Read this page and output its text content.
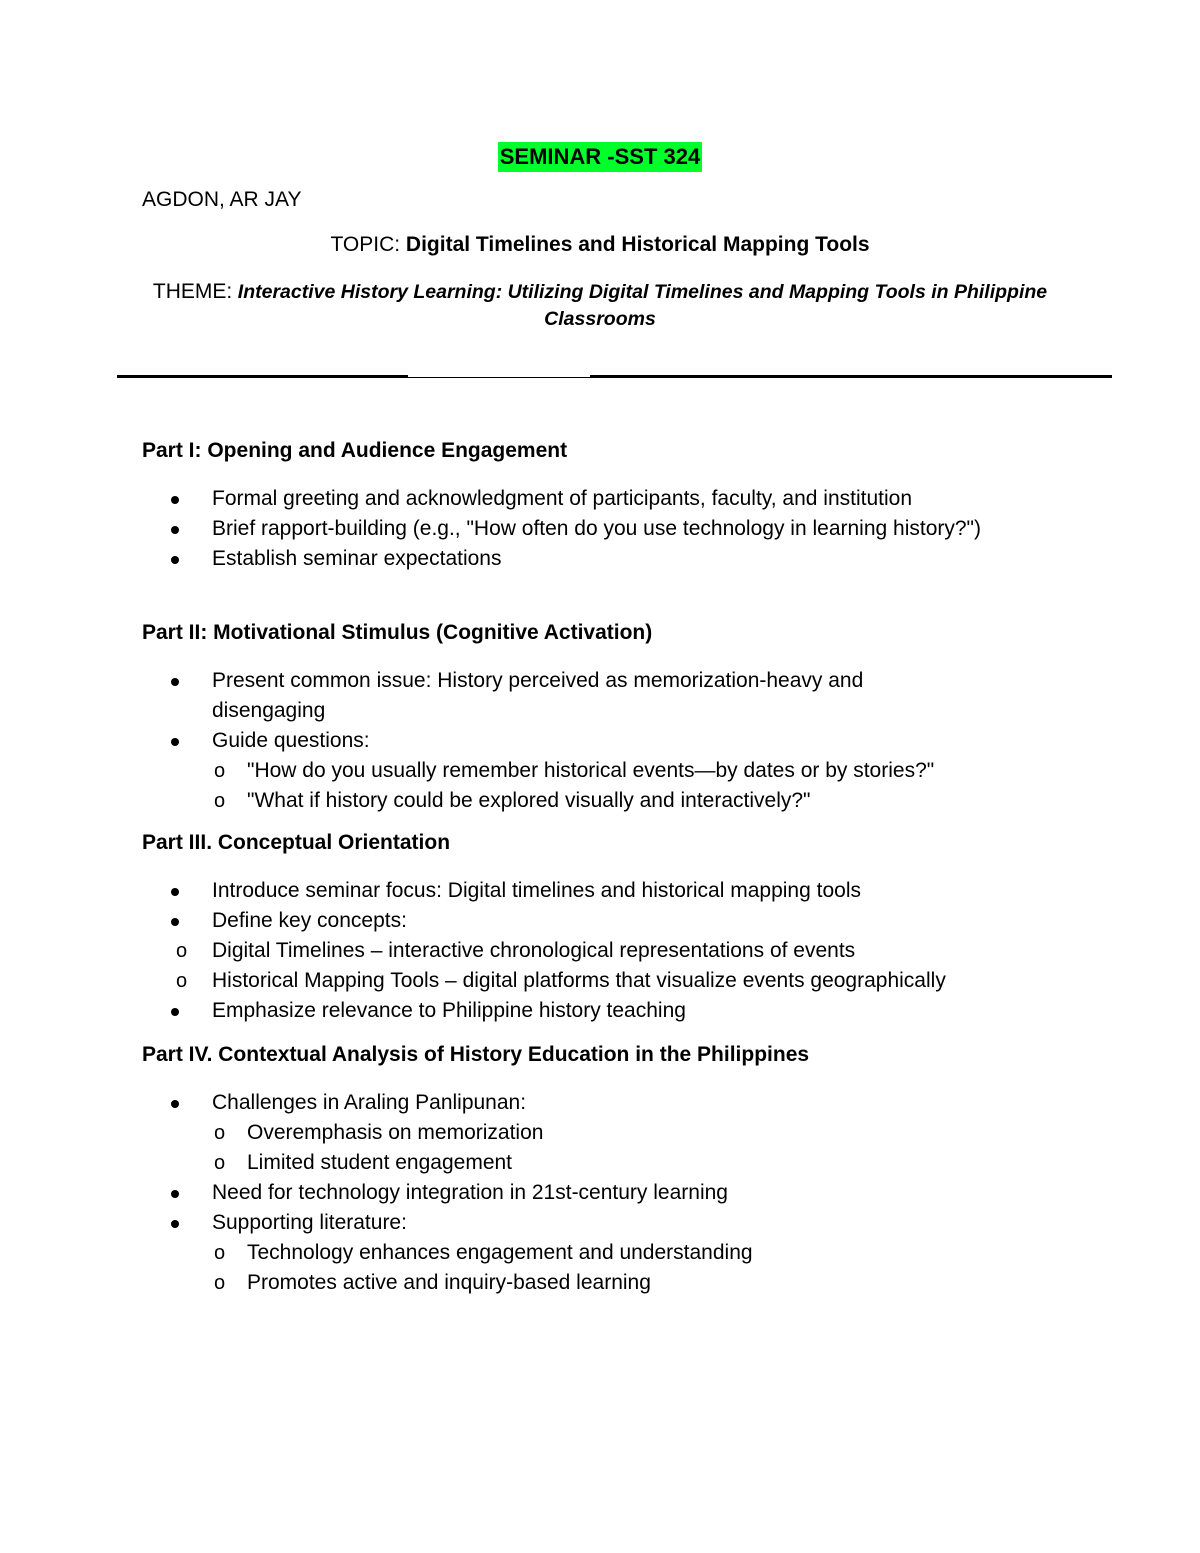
SEMINAR -SST 324
AGDON, AR JAY
TOPIC: Digital Timelines and Historical Mapping Tools
THEME: Interactive History Learning: Utilizing Digital Timelines and Mapping Tools in Philippine Classrooms

Part I: Opening and Audience Engagement

Formal greeting and acknowledgment of participants, faculty, and institution
Brief rapport-building (e.g., "How often do you use technology in learning history?")
Establish seminar expectations

Part II: Motivational Stimulus (Cognitive Activation)

Present common issue: History perceived as memorization-heavy and disengaging
Guide questions:
o "How do you usually remember historical events—by dates or by stories?"
o "What if history could be explored visually and interactively?"

Part III. Conceptual Orientation

Introduce seminar focus: Digital timelines and historical mapping tools
Define key concepts:
o Digital Timelines – interactive chronological representations of events
o Historical Mapping Tools – digital platforms that visualize events geographically
Emphasize relevance to Philippine history teaching

Part IV. Contextual Analysis of History Education in the Philippines

Challenges in Araling Panlipunan:
o Overemphasis on memorization
o Limited student engagement
Need for technology integration in 21st-century learning
Supporting literature:
o Technology enhances engagement and understanding
o Promotes active and inquiry-based learning
